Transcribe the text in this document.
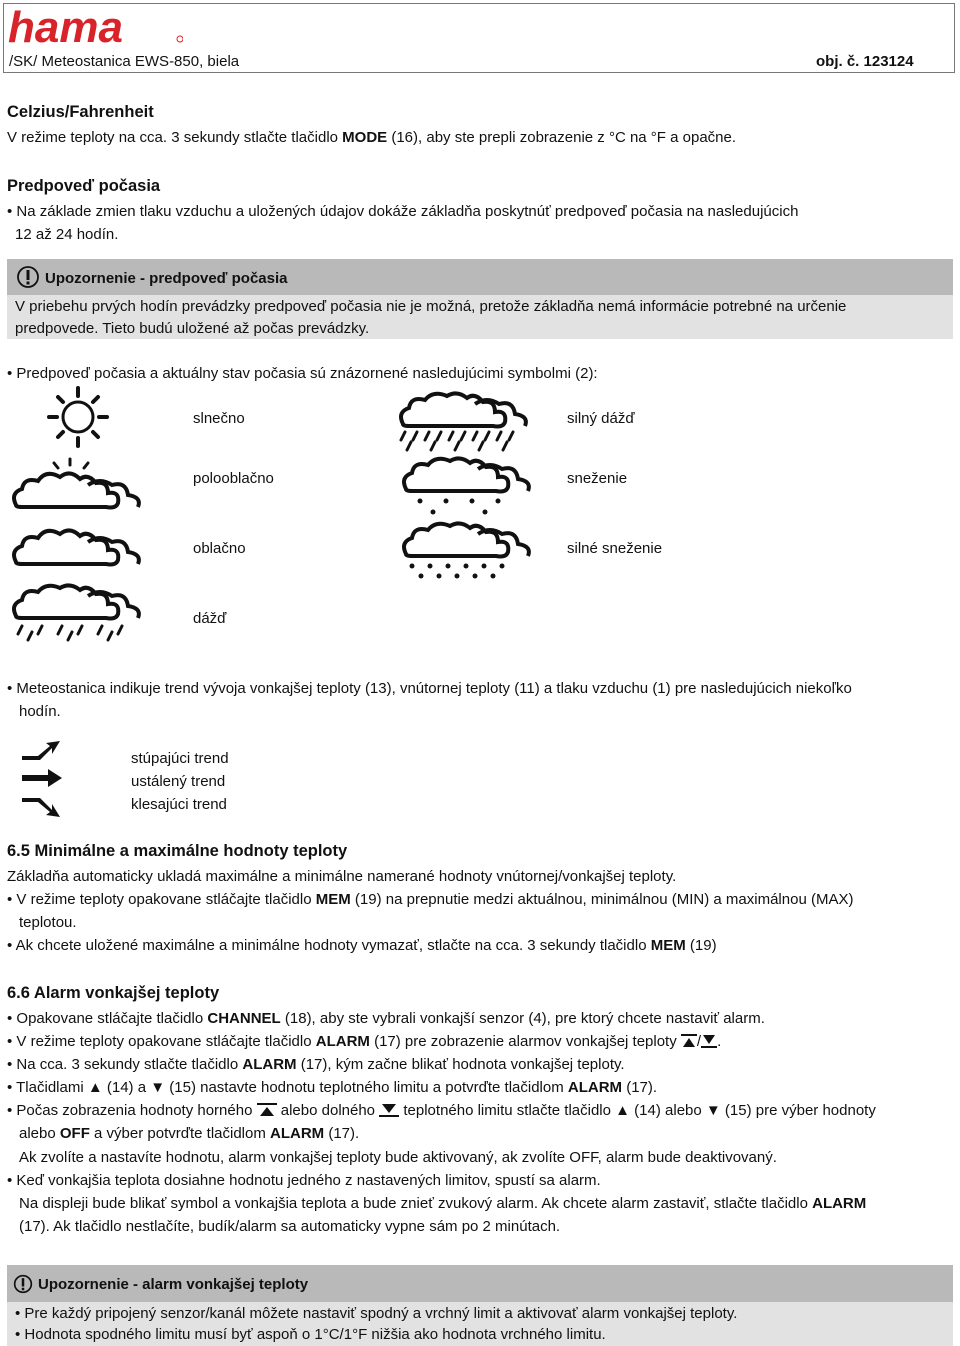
hama
/SK/ Meteostanica EWS-850, biela	obj. č. 123124
Celzius/Fahrenheit
V režime teploty na cca. 3 sekundy stlačte tlačidlo MODE (16), aby ste prepli zobrazenie z °C na °F a opačne.
Predpoveď počasia
• Na základe zmien tlaku vzduchu a uložených údajov dokáže základňa poskytnúť predpoveď počasia na nasledujúcich
12 až 24 hodín.
Upozornenie - predpoveď počasia
V priebehu prvých hodín prevádzky predpoveď počasia nie je možná, pretože základňa nemá informácie potrebné na určenie
predpovede. Tieto budú uložené až počas prevádzky.
• Predpoveď počasia a aktuálny stav počasia sú znázornené nasledujúcimi symbolmi (2):
slnečno
polooblačno
oblačno
dážď
silný dážď
sneženie
silné sneženie
• Meteostanica indikuje trend vývoja vonkajšej teploty (13), vnútornej teploty (11) a tlaku vzduchu (1) pre nasledujúcich niekoľko
hodín.
stúpajúci trend
ustálený trend
klesajúci trend
6.5 Minimálne a maximálne hodnoty teploty
Základňa automaticky ukladá maximálne a minimálne namerané hodnoty vnútornej/vonkajšej teploty.
• V režime teploty opakovane stláčajte tlačidlo MEM (19) na prepnutie medzi aktuálnou, minimálnou (MIN) a maximálnou (MAX)
teplotou.
• Ak chcete uložené maximálne a minimálne hodnoty vymazať, stlačte na cca. 3 sekundy tlačidlo MEM (19)
6.6 Alarm vonkajšej teploty
• Opakovane stláčajte tlačidlo CHANNEL (18), aby ste vybrali vonkajší senzor (4), pre ktorý chcete nastaviť alarm.
• V režime teploty opakovane stláčajte tlačidlo ALARM (17) pre zobrazenie alarmov vonkajšej teploty / .
• Na cca. 3 sekundy stlačte tlačidlo ALARM (17), kým začne blikať hodnota vonkajšej teploty.
• Tlačidlami ▲ (14) a ▼ (15) nastavte hodnotu teplotného limitu a potvrďte tlačidlom ALARM (17).
• Počas zobrazenia hodnoty horného
alebo dolného
teplotného limitu stlačte tlačidlo ▲ (14) alebo ▼ (15) pre výber hodnoty
alebo OFF a výber potvrďte tlačidlom ALARM (17).
Ak zvolíte a nastavíte hodnotu, alarm vonkajšej teploty bude aktivovaný, ak zvolíte OFF, alarm bude deaktivovaný.
• Keď vonkajšia teplota dosiahne hodnotu jedného z nastavených limitov, spustí sa alarm.
Na displeji bude blikať symbol a vonkajšia teplota a bude znieť zvukový alarm. Ak chcete alarm zastaviť, stlačte tlačidlo ALARM
(17). Ak tlačidlo nestlačíte, budík/alarm sa automaticky vypne sám po 2 minútach.
Upozornenie - alarm vonkajšej teploty
• Pre každý pripojený senzor/kanál môžete nastaviť spodný a vrchný limit a aktivovať alarm vonkajšej teploty.
• Hodnota spodného limitu musí byť aspoň o 1°C/1°F nižšia ako hodnota vrchného limitu.
